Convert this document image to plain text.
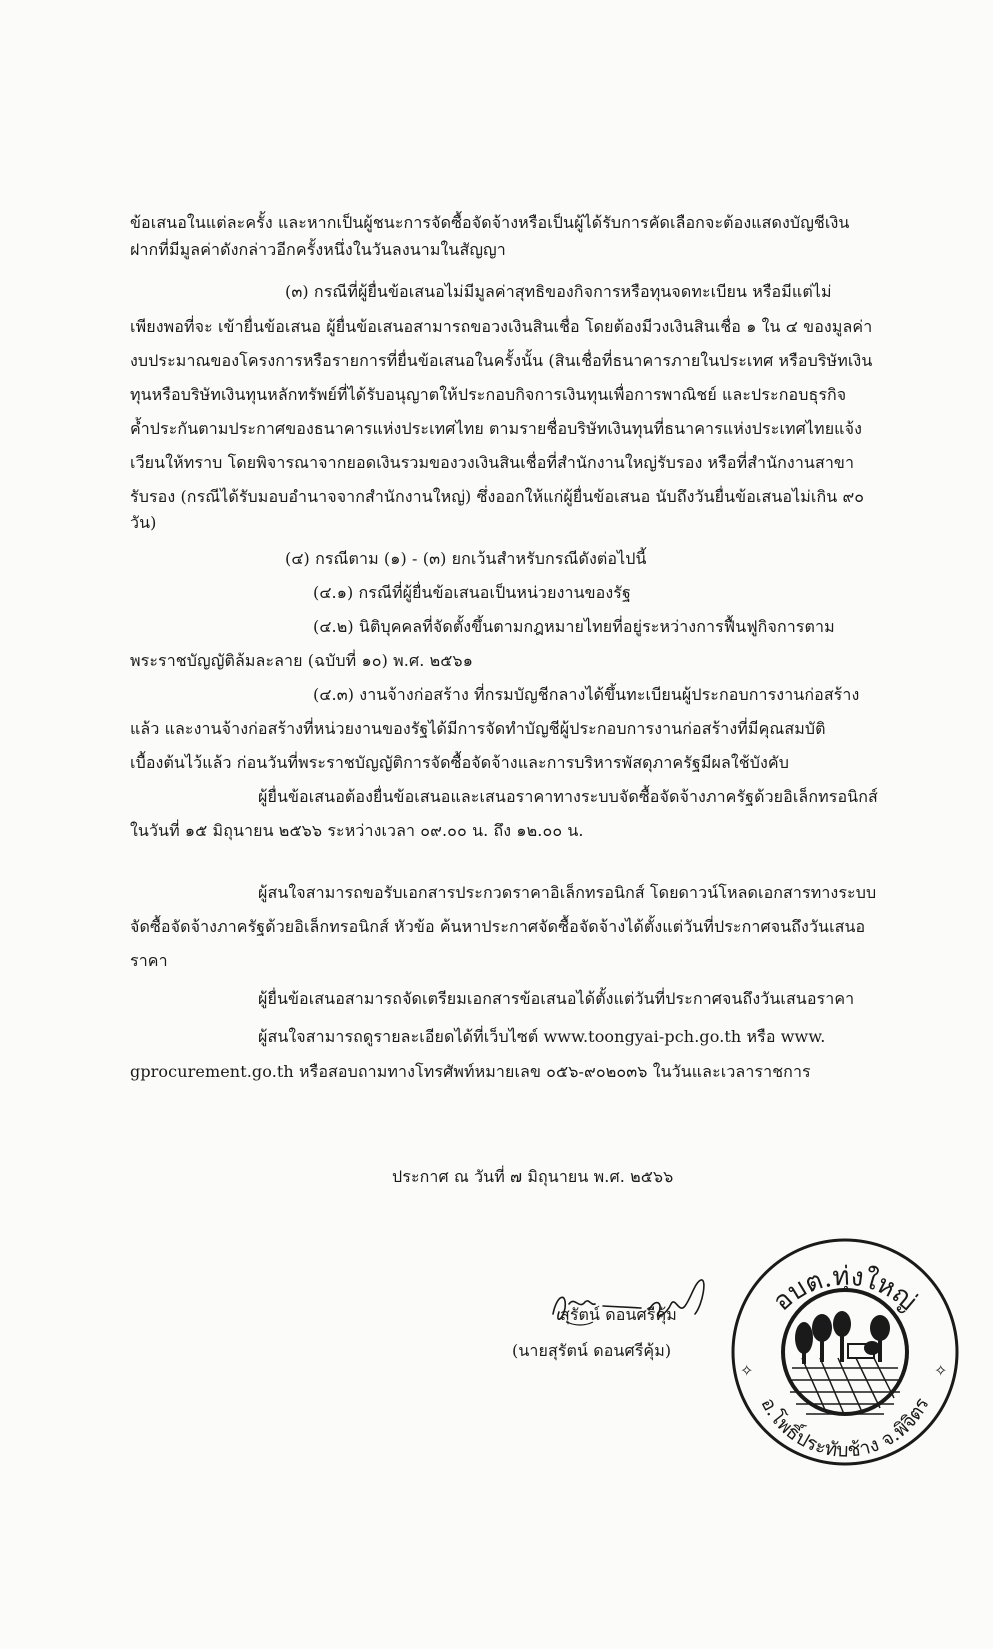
ข้อเสนอในแต่ละครั้ง และหากเป็นผู้ชนะการจัดซื้อจัดจ้างหรือเป็นผู้ได้รับการคัดเลือกจะต้องแสดงบัญชีเงิน
ฝากที่มีมูลค่าดังกล่าวอีกครั้งหนึ่งในวันลงนามในสัญญา
(๓) กรณีที่ผู้ยื่นข้อเสนอไม่มีมูลค่าสุทธิของกิจการหรือทุนจดทะเบียน หรือมีแต่ไม่
เพียงพอที่จะ เข้ายื่นข้อเสนอ ผู้ยื่นข้อเสนอสามารถขอวงเงินสินเชื่อ โดยต้องมีวงเงินสินเชื่อ ๑ ใน ๔ ของมูลค่า
งบประมาณของโครงการหรือรายการที่ยื่นข้อเสนอในครั้งนั้น (สินเชื่อที่ธนาคารภายในประเทศ หรือบริษัทเงิน
ทุนหรือบริษัทเงินทุนหลักทรัพย์ที่ได้รับอนุญาตให้ประกอบกิจการเงินทุนเพื่อการพาณิชย์ และประกอบธุรกิจ
ค้ำประกันตามประกาศของธนาคารแห่งประเทศไทย ตามรายชื่อบริษัทเงินทุนที่ธนาคารแห่งประเทศไทยแจ้ง
เวียนให้ทราบ โดยพิจารณาจากยอดเงินรวมของวงเงินสินเชื่อที่สำนักงานใหญ่รับรอง หรือที่สำนักงานสาขา
รับรอง (กรณีได้รับมอบอำนาจจากสำนักงานใหญ่) ซึ่งออกให้แก่ผู้ยื่นข้อเสนอ นับถึงวันยื่นข้อเสนอไม่เกิน ๙๐
วัน)
(๔) กรณีตาม (๑) - (๓) ยกเว้นสำหรับกรณีดังต่อไปนี้
(๔.๑) กรณีที่ผู้ยื่นข้อเสนอเป็นหน่วยงานของรัฐ
(๔.๒) นิติบุคคลที่จัดตั้งขึ้นตามกฎหมายไทยที่อยู่ระหว่างการฟื้นฟูกิจการตาม
พระราชบัญญัติล้มละลาย (ฉบับที่ ๑๐) พ.ศ. ๒๕๖๑
(๔.๓) งานจ้างก่อสร้าง ที่กรมบัญชีกลางได้ขึ้นทะเบียนผู้ประกอบการงานก่อสร้าง
แล้ว และงานจ้างก่อสร้างที่หน่วยงานของรัฐได้มีการจัดทำบัญชีผู้ประกอบการงานก่อสร้างที่มีคุณสมบัติ
เบื้องต้นไว้แล้ว ก่อนวันที่พระราชบัญญัติการจัดซื้อจัดจ้างและการบริหารพัสดุภาครัฐมีผลใช้บังคับ
ผู้ยื่นข้อเสนอต้องยื่นข้อเสนอและเสนอราคาทางระบบจัดซื้อจัดจ้างภาครัฐด้วยอิเล็กทรอนิกส์
ในวันที่ ๑๕ มิถุนายน ๒๕๖๖ ระหว่างเวลา ๐๙.๐๐ น. ถึง ๑๒.๐๐ น.
ผู้สนใจสามารถขอรับเอกสารประกวดราคาอิเล็กทรอนิกส์ โดยดาวน์โหลดเอกสารทางระบบ
จัดซื้อจัดจ้างภาครัฐด้วยอิเล็กทรอนิกส์ หัวข้อ ค้นหาประกาศจัดซื้อจัดจ้างได้ตั้งแต่วันที่ประกาศจนถึงวันเสนอ
ราคา
ผู้ยื่นข้อเสนอสามารถจัดเตรียมเอกสารข้อเสนอได้ตั้งแต่วันที่ประกาศจนถึงวันเสนอราคา
ผู้สนใจสามารถดูรายละเอียดได้ที่เว็บไซต์ www.toongyai-pch.go.th หรือ www.
gprocurement.go.th หรือสอบถามทางโทรศัพท์หมายเลข ๐๕๖-๙๐๒๐๓๖ ในวันและเวลาราชการ
ประกาศ ณ วันที่ ๗ มิถุนายน พ.ศ. ๒๕๖๖
สุรัตน์ ดอนศรีคุ้ม
(นายสุรัตน์ ดอนศรีคุ้ม)
✧	✧
อบต.ทุ่งใหญ่
อ.โพธิ์ประทับช้าง จ.พิจิตร
